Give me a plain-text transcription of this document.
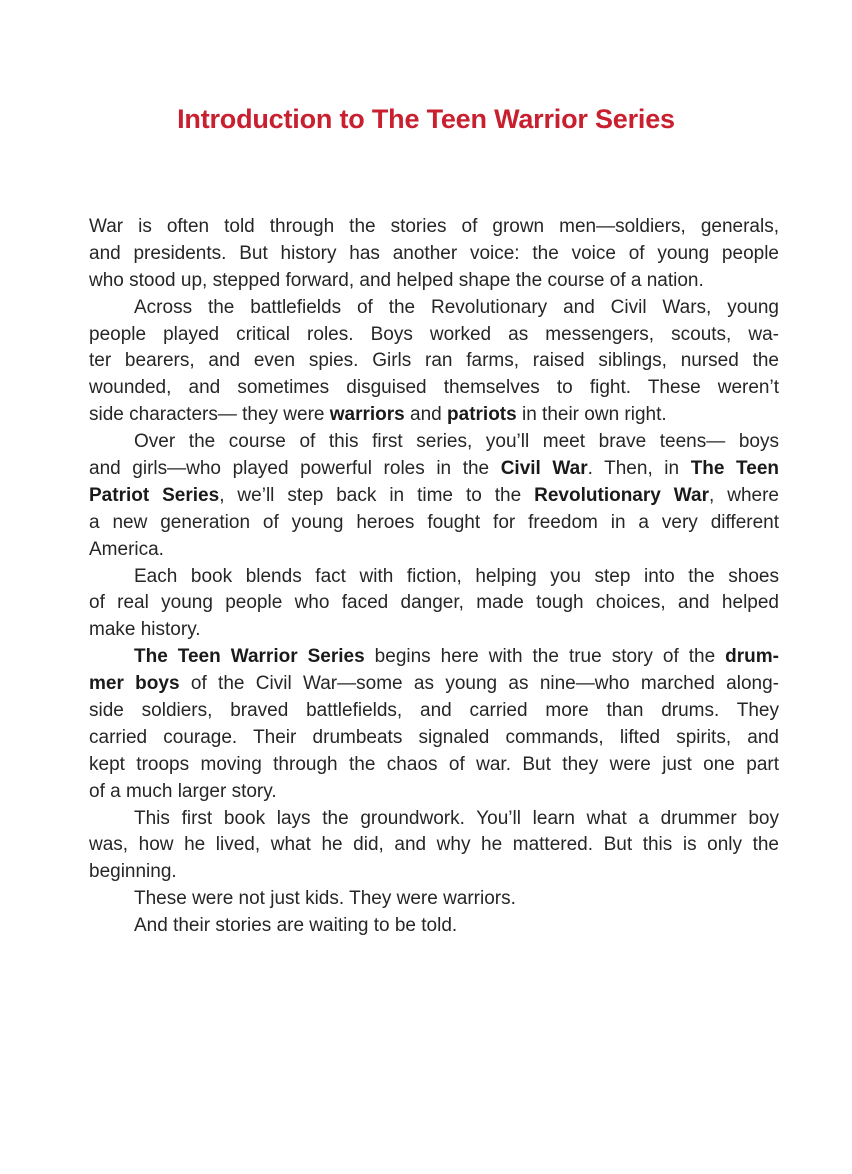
Introduction to The Teen Warrior Series
War is often told through the stories of grown men—soldiers, generals,
and presidents. But history has another voice: the voice of young people
who stood up, stepped forward, and helped shape the course of a nation.
Across the battlefields of the Revolutionary and Civil Wars, young
people played critical roles. Boys worked as messengers, scouts, wa-
ter bearers, and even spies. Girls ran farms, raised siblings, nursed the
wounded, and sometimes disguised themselves to fight. These weren’t
side characters— they were warriors and patriots in their own right.
Over the course of this first series, you’ll meet brave teens— boys
and girls—who played powerful roles in the Civil War. Then, in The Teen
Patriot Series, we’ll step back in time to the Revolutionary War, where
a new generation of young heroes fought for freedom in a very different
America.
Each book blends fact with fiction, helping you step into the shoes
of real young people who faced danger, made tough choices, and helped
make history.
The Teen Warrior Series begins here with the true story of the drum-
mer boys of the Civil War—some as young as nine—who marched along-
side soldiers, braved battlefields, and carried more than drums. They
carried courage. Their drumbeats signaled commands, lifted spirits, and
kept troops moving through the chaos of war. But they were just one part
of a much larger story.
This first book lays the groundwork. You’ll learn what a drummer boy
was, how he lived, what he did, and why he mattered. But this is only the
beginning.
These were not just kids. They were warriors.
And their stories are waiting to be told.
